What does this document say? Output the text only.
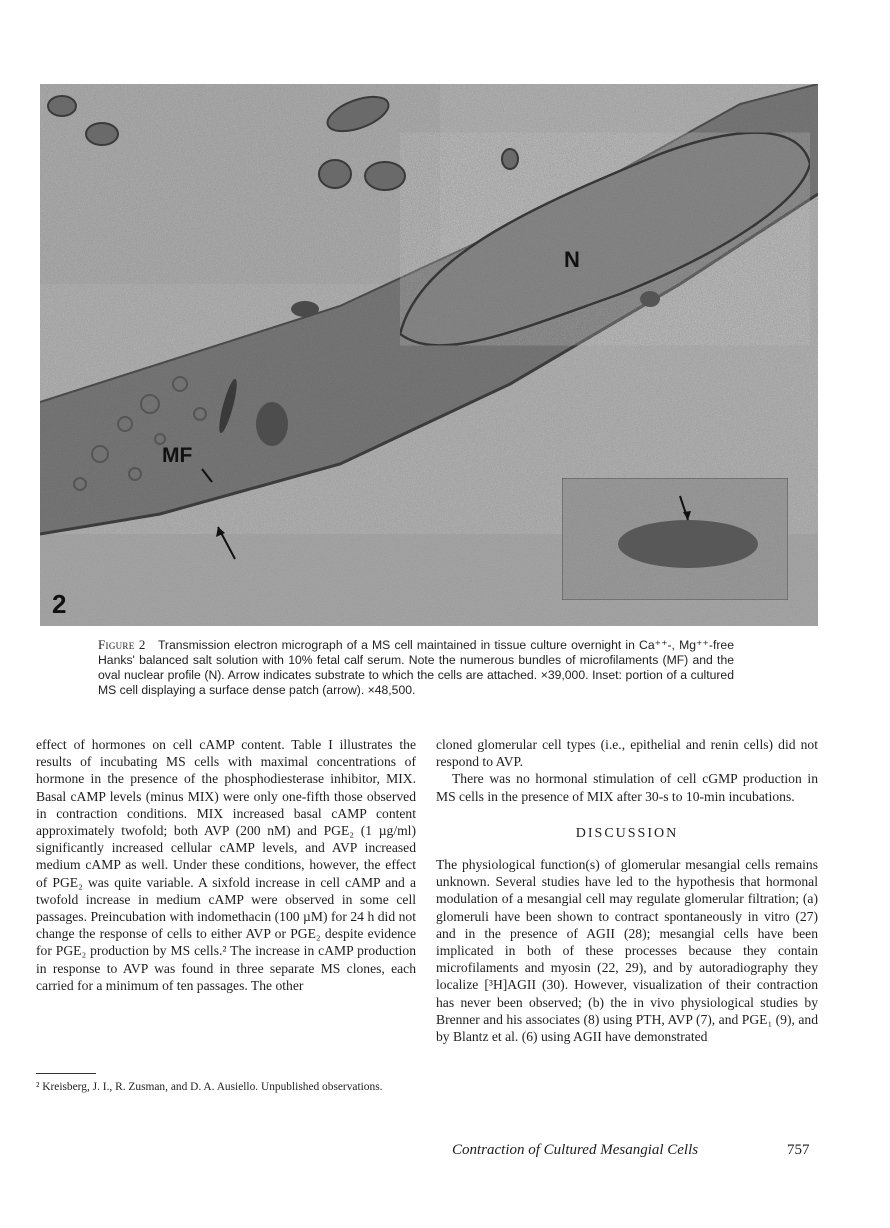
N
MF
2
Figure 2 Transmission electron micrograph of a MS cell maintained in tissue culture overnight in Ca⁺⁺-, Mg⁺⁺-free Hanks' balanced salt solution with 10% fetal calf serum. Note the numerous bundles of microfilaments (MF) and the oval nuclear profile (N). Arrow indicates substrate to which the cells are attached. ×39,000. Inset: portion of a cultured MS cell displaying a surface dense patch (arrow). ×48,500.

effect of hormones on cell cAMP content. Table I illustrates the results of incubating MS cells with maximal concentrations of hormone in the presence of the phosphodiesterase inhibitor, MIX. Basal cAMP levels (minus MIX) were only one-fifth those observed in contraction conditions. MIX increased basal cAMP content approximately twofold; both AVP (200 nM) and PGE₂ (1 µg/ml) significantly increased cellular cAMP levels, and AVP increased medium cAMP as well. Under these conditions, however, the effect of PGE₂ was quite variable. A sixfold increase in cell cAMP and a twofold increase in medium cAMP were observed in some cell passages. Preincubation with indomethacin (100 µM) for 24 h did not change the response of cells to either AVP or PGE₂ despite evidence for PGE₂ production by MS cells.² The increase in cAMP production in response to AVP was found in three separate MS clones, each carried for a minimum of ten passages. The other

² Kreisberg, J. I., R. Zusman, and D. A. Ausiello. Unpublished observations.

cloned glomerular cell types (i.e., epithelial and renin cells) did not respond to AVP.

There was no hormonal stimulation of cell cGMP production in MS cells in the presence of MIX after 30-s to 10-min incubations.

DISCUSSION

The physiological function(s) of glomerular mesangial cells remains unknown. Several studies have led to the hypothesis that hormonal modulation of a mesangial cell may regulate glomerular filtration; (a) glomeruli have been shown to contract spontaneously in vitro (27) and in the presence of AGII (28); mesangial cells have been implicated in both of these processes because they contain microfilaments and myosin (22, 29), and by autoradiography they localize [³H]AGII (30). However, visualization of their contraction has never been observed; (b) the in vivo physiological studies by Brenner and his associates (8) using PTH, AVP (7), and PGE₁ (9), and by Blantz et al. (6) using AGII have demonstrated

Contraction of Cultured Mesangial Cells	757
